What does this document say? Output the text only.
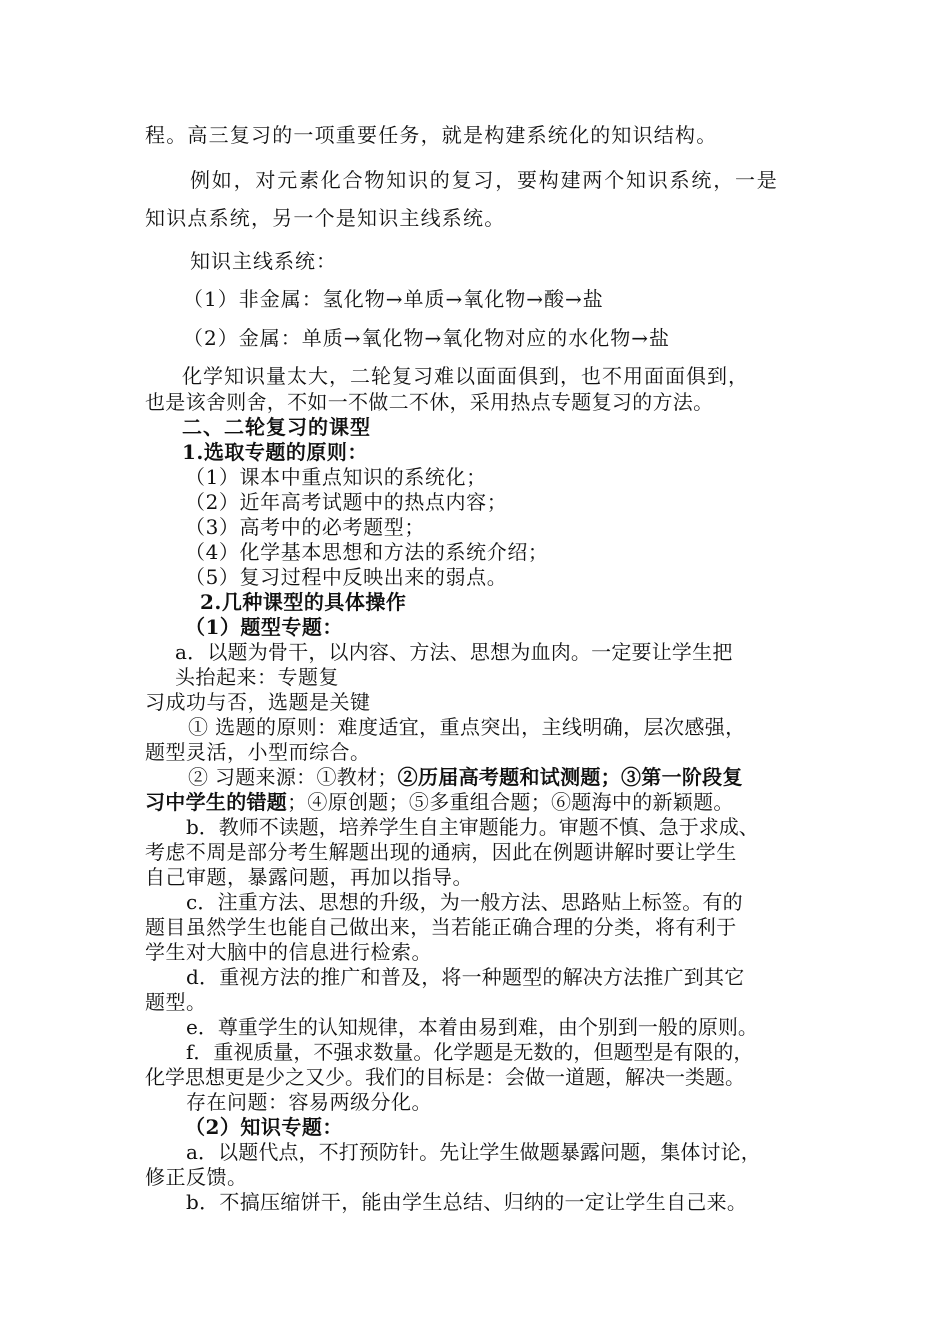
程。高三复习的一项重要任务，就是构建系统化的知识结构。
例如，对元素化合物知识的复习，要构建两个知识系统，一是
知识点系统，另一个是知识主线系统。
知识主线系统：
（1）非金属：氢化物→单质→氧化物→酸→盐
（2）金属：单质→氧化物→氧化物对应的水化物→盐
化学知识量太大，二轮复习难以面面俱到，也不用面面俱到，
也是该舍则舍，不如一不做二不休，采用热点专题复习的方法。
二、二轮复习的课型
1.选取专题的原则：
（1）课本中重点知识的系统化；
（2）近年高考试题中的热点内容；
（3）高考中的必考题型；
（4）化学基本思想和方法的系统介绍；
（5）复习过程中反映出来的弱点。
2.几种课型的具体操作
（1）题型专题：
a．以题为骨干，以内容、方法、思想为血肉。一定要让学生把
头抬起来：专题复
习成功与否，选题是关键
① 选题的原则：难度适宜，重点突出，主线明确，层次感强，
题型灵活，小型而综合。
② 习题来源：①教材；②历届高考题和试测题；③第一阶段复
习中学生的错题；④原创题；⑤多重组合题；⑥题海中的新颖题。
b．教师不读题，培养学生自主审题能力。审题不慎、急于求成、
考虑不周是部分考生解题出现的通病，因此在例题讲解时要让学生
自己审题，暴露问题，再加以指导。
c．注重方法、思想的升级，为一般方法、思路贴上标签。有的
题目虽然学生也能自己做出来，当若能正确合理的分类，将有利于
学生对大脑中的信息进行检索。
d．重视方法的推广和普及，将一种题型的解决方法推广到其它
题型。
e．尊重学生的认知规律，本着由易到难，由个别到一般的原则。
f．重视质量，不强求数量。化学题是无数的，但题型是有限的，
化学思想更是少之又少。我们的目标是：会做一道题，解决一类题。
存在问题：容易两级分化。
（2）知识专题：
a．以题代点，不打预防针。先让学生做题暴露问题，集体讨论，
修正反馈。
b．不搞压缩饼干，能由学生总结、归纳的一定让学生自己来。
